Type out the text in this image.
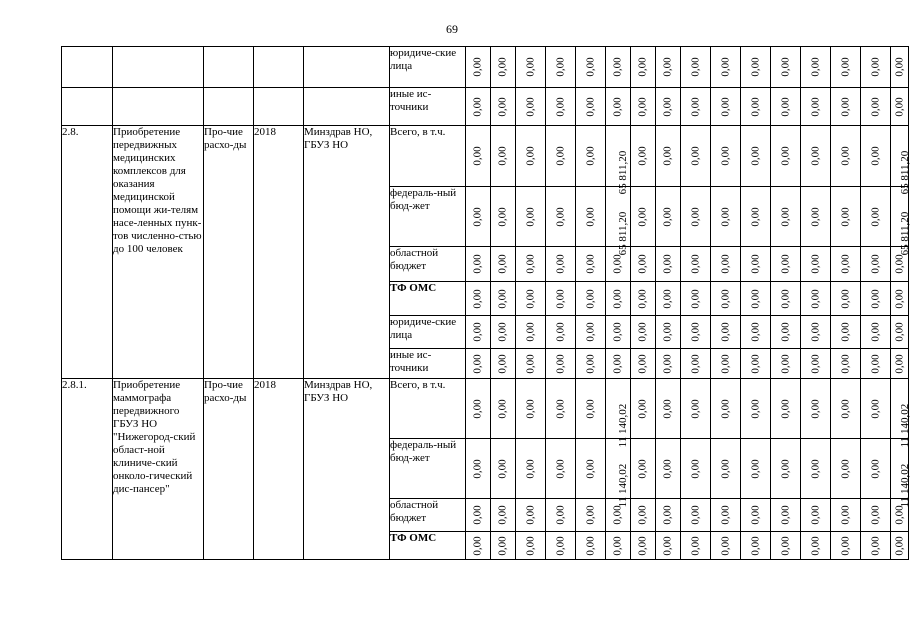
69
					юридиче-ские лица	0,00	0,00	0,00	0,00	0,00	0,00	0,00	0,00	0,00	0,00	0,00	0,00	0,00	0,00	0,00	0,00

					иные ис-точники	0,00	0,00	0,00	0,00	0,00	0,00	0,00	0,00	0,00	0,00	0,00	0,00	0,00	0,00	0,00	0,00

2.8.	Приобретение передвижных медицинских комплексов для оказания медицинской помощи жи-телям насе-ленных пунк-тов численно-стью до 100 человек	Про-чие расхо-ды	2018	Минздрав НО, ГБУЗ НО	Всего, в т.ч.	0,00	0,00	0,00	0,00	0,00	65 811,20	0,00	0,00	0,00	0,00	0,00	0,00	0,00	0,00	0,00	65 811,20

					федераль-ный бюд-жет	0,00	0,00	0,00	0,00	0,00	65 811,20	0,00	0,00	0,00	0,00	0,00	0,00	0,00	0,00	0,00	65 811,20

					областной бюджет	0,00	0,00	0,00	0,00	0,00	0,00	0,00	0,00	0,00	0,00	0,00	0,00	0,00	0,00	0,00	0,00

					ТФ ОМС	0,00	0,00	0,00	0,00	0,00	0,00	0,00	0,00	0,00	0,00	0,00	0,00	0,00	0,00	0,00	0,00

					юридиче-ские лица	0,00	0,00	0,00	0,00	0,00	0,00	0,00	0,00	0,00	0,00	0,00	0,00	0,00	0,00	0,00	0,00

					иные ис-точники	0,00	0,00	0,00	0,00	0,00	0,00	0,00	0,00	0,00	0,00	0,00	0,00	0,00	0,00	0,00	0,00

2.8.1.	Приобретение маммографа передвижного ГБУЗ НО "Нижегород-ский област-ной клиниче-ский онколо-гический дис-пансер"	Про-чие расхо-ды	2018	Минздрав НО, ГБУЗ НО	Всего, в т.ч.	0,00	0,00	0,00	0,00	0,00	11 140,02	0,00	0,00	0,00	0,00	0,00	0,00	0,00	0,00	0,00	11 140,02

					федераль-ный бюд-жет	0,00	0,00	0,00	0,00	0,00	11 140,02	0,00	0,00	0,00	0,00	0,00	0,00	0,00	0,00	0,00	11 140,02

					областной бюджет	0,00	0,00	0,00	0,00	0,00	0,00	0,00	0,00	0,00	0,00	0,00	0,00	0,00	0,00	0,00	0,00

					ТФ ОМС	0,00	0,00	0,00	0,00	0,00	0,00	0,00	0,00	0,00	0,00	0,00	0,00	0,00	0,00	0,00	0,00
